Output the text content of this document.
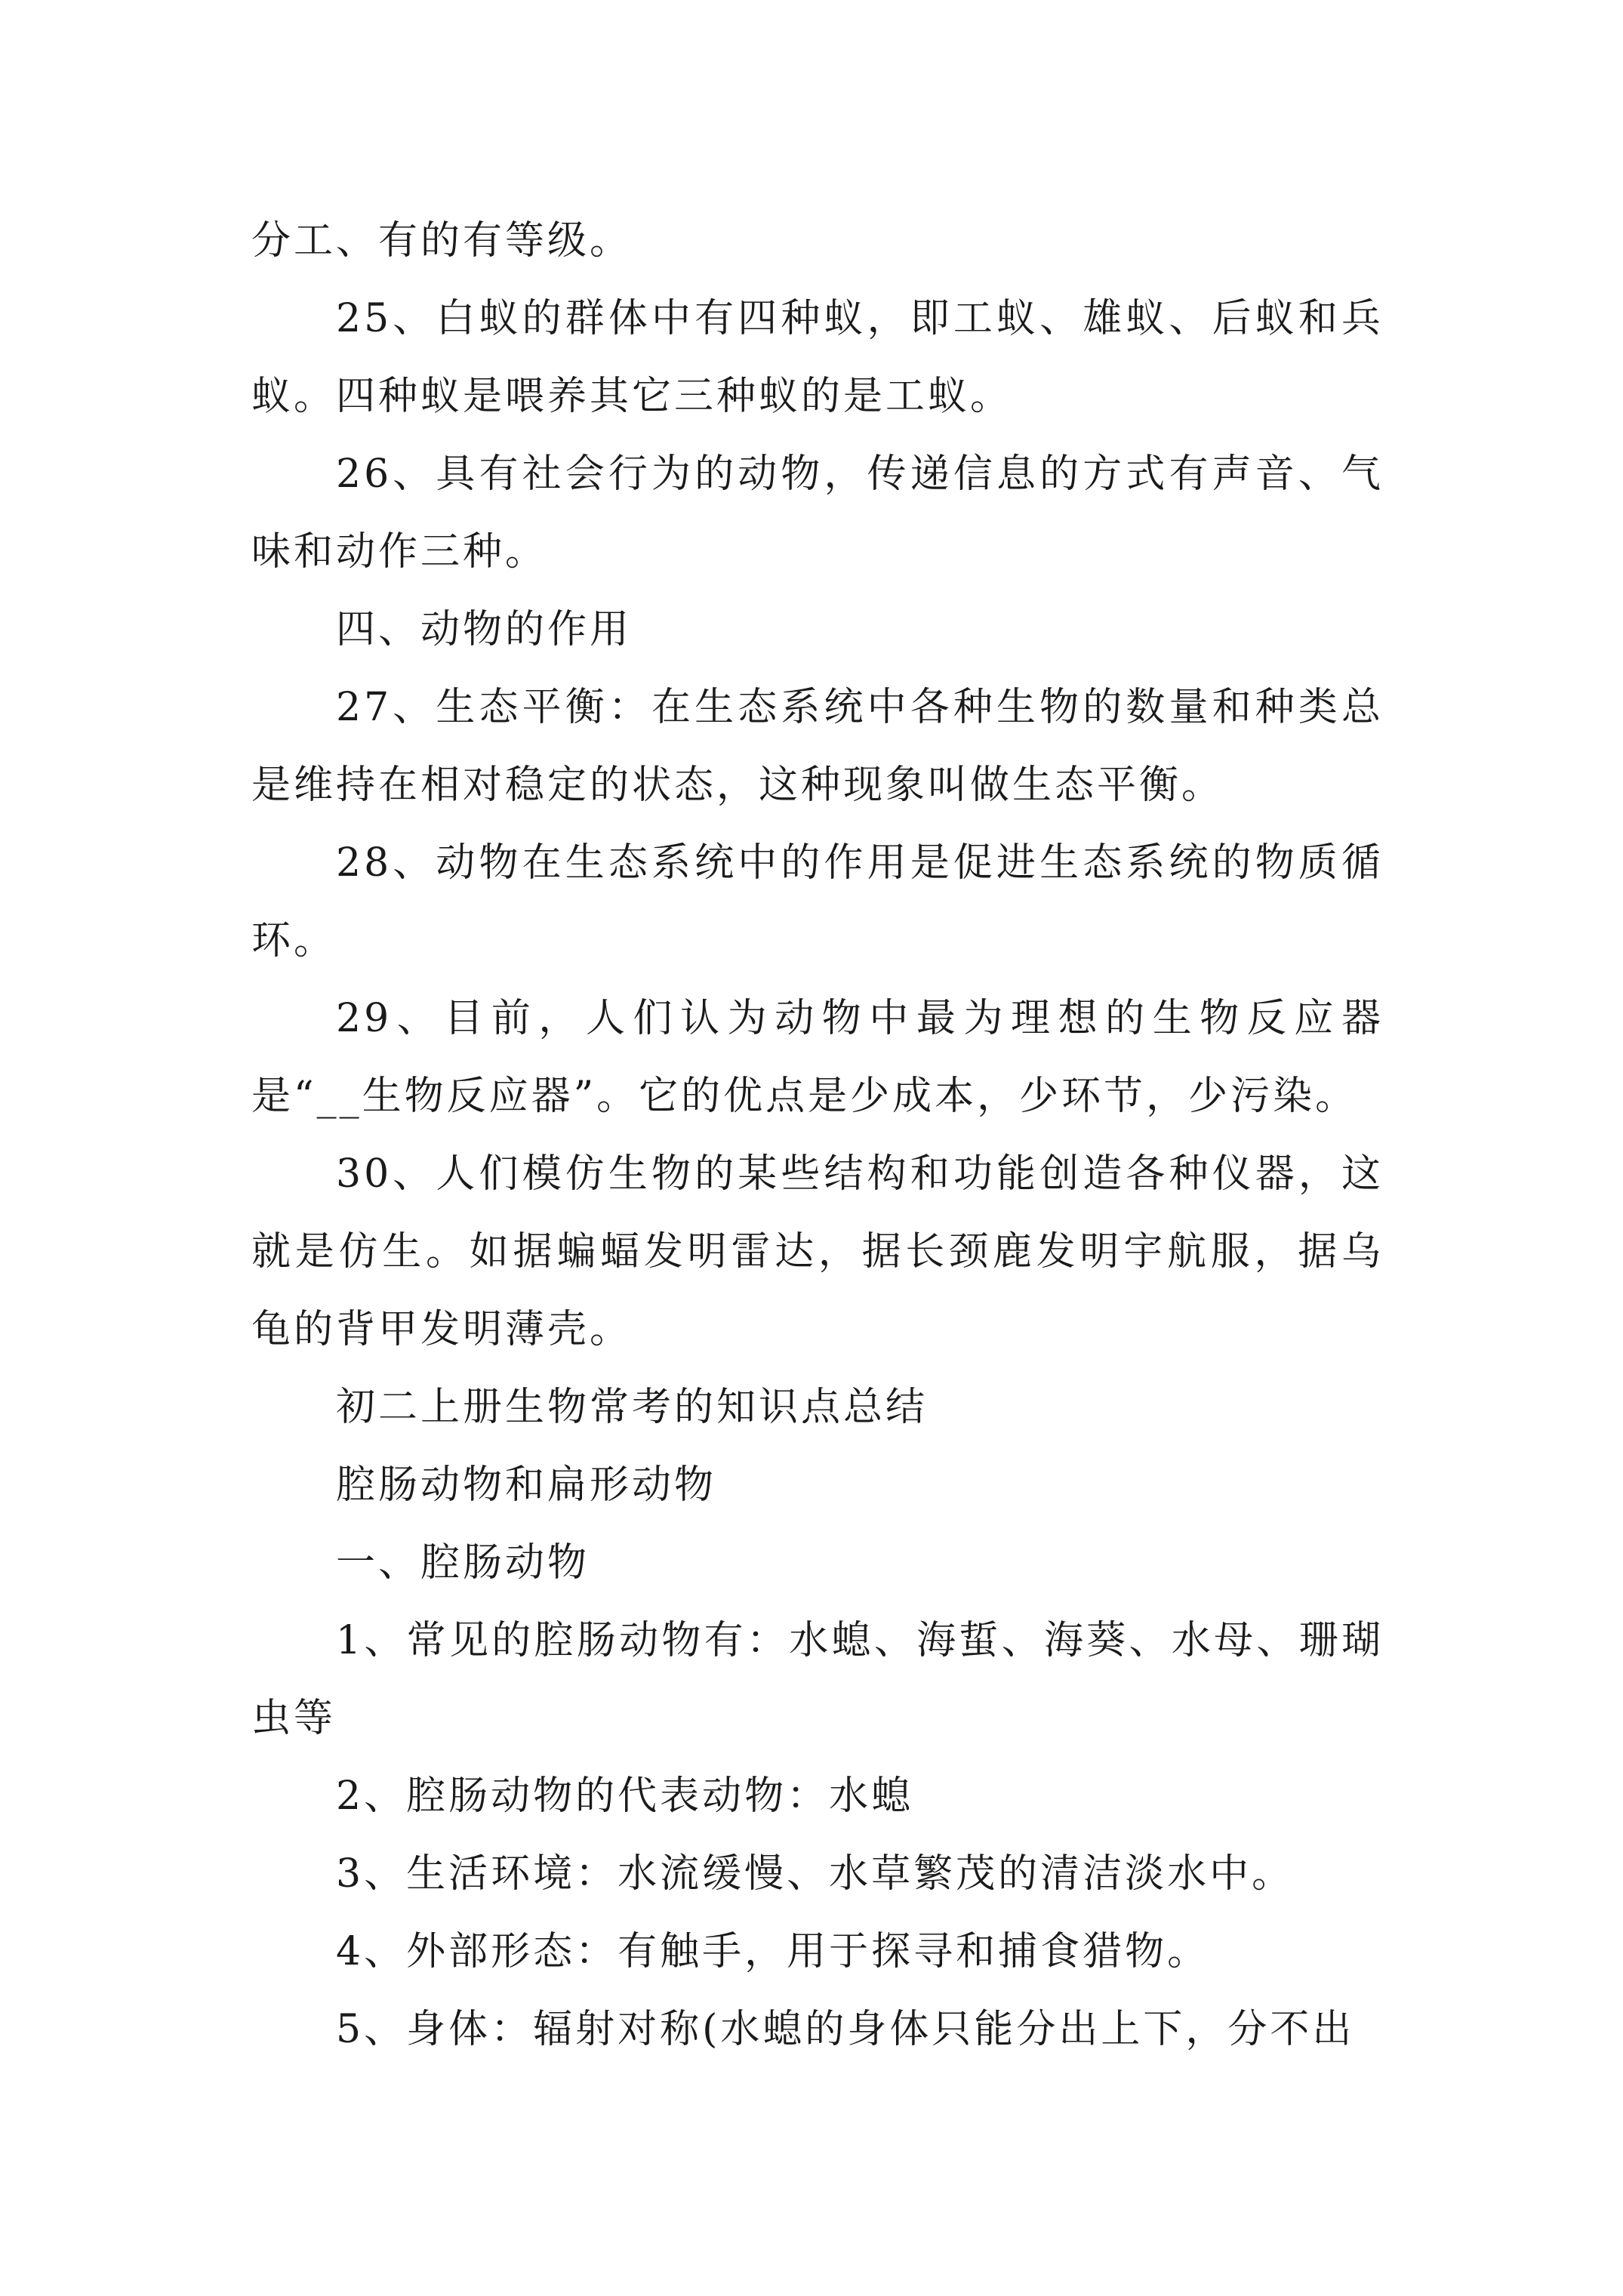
分工、有的有等级。

25、白蚁的群体中有四种蚁，即工蚁、雄蚁、后蚁和兵蚁。四种蚁是喂养其它三种蚁的是工蚁。

26、具有社会行为的动物，传递信息的方式有声音、气味和动作三种。

四、动物的作用

27、生态平衡：在生态系统中各种生物的数量和种类总是维持在相对稳定的状态，这种现象叫做生态平衡。

28、动物在生态系统中的作用是促进生态系统的物质循环。

29、目前，人们认为动物中最为理想的生物反应器是“__生物反应器”。它的优点是少成本，少环节，少污染。

30、人们模仿生物的某些结构和功能创造各种仪器，这就是仿生。如据蝙蝠发明雷达，据长颈鹿发明宇航服，据乌龟的背甲发明薄壳。

初二上册生物常考的知识点总结

腔肠动物和扁形动物

一、腔肠动物

1、常见的腔肠动物有：水螅、海蜇、海葵、水母、珊瑚虫等

2、腔肠动物的代表动物：水螅

3、生活环境：水流缓慢、水草繁茂的清洁淡水中。

4、外部形态：有触手，用于探寻和捕食猎物。

5、身体：辐射对称(水螅的身体只能分出上下，分不出
